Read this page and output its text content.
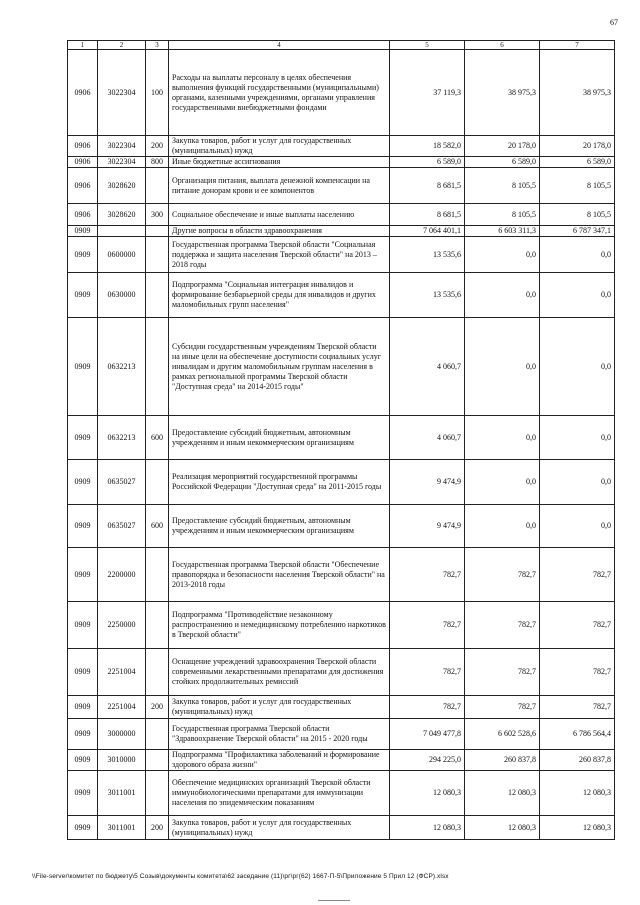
67
1	2	3	4	5	6	7
0906	3022304	100	Расходы на выплаты персоналу в целях обеспечения выполнения функций государственными (муниципальными) органами, казенными учреждениями, органами управления государственными внебюджетными фондами	37 119,3	38 975,3	38 975,3
0906	3022304	200	Закупка товаров, работ и услуг для государственных (муниципальных) нужд	18 582,0	20 178,0	20 178,0
0906	3022304	800	Иные бюджетные ассигнования	6 589,0	6 589,0	6 589,0
0906	3028620		Организация питания, выплата денежной компенсации на питание донорам крови и ее компонентов	8 681,5	8 105,5	8 105,5
0906	3028620	300	Социальное обеспечение и иные выплаты населению	8 681,5	8 105,5	8 105,5
0909			Другие вопросы в области здравоохранения	7 064 401,1	6 603 311,3	6 787 347,1
0909	0600000		Государственная программа Тверской области "Социальная поддержка и защита населения Тверской области" на 2013 – 2018 годы	13 535,6	0,0	0,0
0909	0630000		Подпрограмма "Социальная интеграция инвалидов и формирование безбарьерной среды для инвалидов и других маломобильных групп населения"	13 535,6	0,0	0,0
0909	0632213		Субсидии государственным учреждениям Тверской области на иные цели на обеспечение доступности социальных услуг инвалидам и другим маломобильным группам населения в рамках региональной программы Тверской области "Доступная среда" на 2014-2015 годы"	4 060,7	0,0	0,0
0909	0632213	600	Предоставление субсидий бюджетным, автономным учреждениям и иным некоммерческим организациям	4 060,7	0,0	0,0
0909	0635027		Реализация мероприятий государственной программы Российской Федерации "Доступная среда" на 2011-2015 годы	9 474,9	0,0	0,0
0909	0635027	600	Предоставление субсидий бюджетным, автономным учреждениям и иным некоммерческим организациям	9 474,9	0,0	0,0
0909	2200000		Государственная программа Тверской области "Обеспечение правопорядка и безопасности населения Тверской области" на 2013-2018 годы	782,7	782,7	782,7
0909	2250000		Подпрограмма "Противодействие незаконному распространению и немедицинскому потреблению наркотиков в Тверской области"	782,7	782,7	782,7
0909	2251004		Оснащение учреждений здравоохранения Тверской области современными лекарственными препаратами для достижения стойких продолжительных ремиссий	782,7	782,7	782,7
0909	2251004	200	Закупка товаров, работ и услуг для государственных (муниципальных) нужд	782,7	782,7	782,7
0909	3000000		Государственная программа Тверской области "Здравоохранение Тверской области" на 2015 - 2020 годы	7 049 477,8	6 602 528,6	6 786 564,4
0909	3010000		Подпрограмма "Профилактика заболеваний и формирование здорового образа жизни"	294 225,0	260 837,8	260 837,8
0909	3011001		Обеспечение медицинских организаций Тверской области иммунобиологическими препаратами для иммунизации населения по эпидемическим показаниям	12 080,3	12 080,3	12 080,3
0909	3011001	200	Закупка товаров, работ и услуг для государственных (муниципальных) нужд	12 080,3	12 080,3	12 080,3
\\File-server\комитет по бюджету\5 Созыв\документы комитета\62 заседание (11)\рг\рг(62) 1667-П-5\Приложение 5 Прил 12 (ФСР).xlsx
